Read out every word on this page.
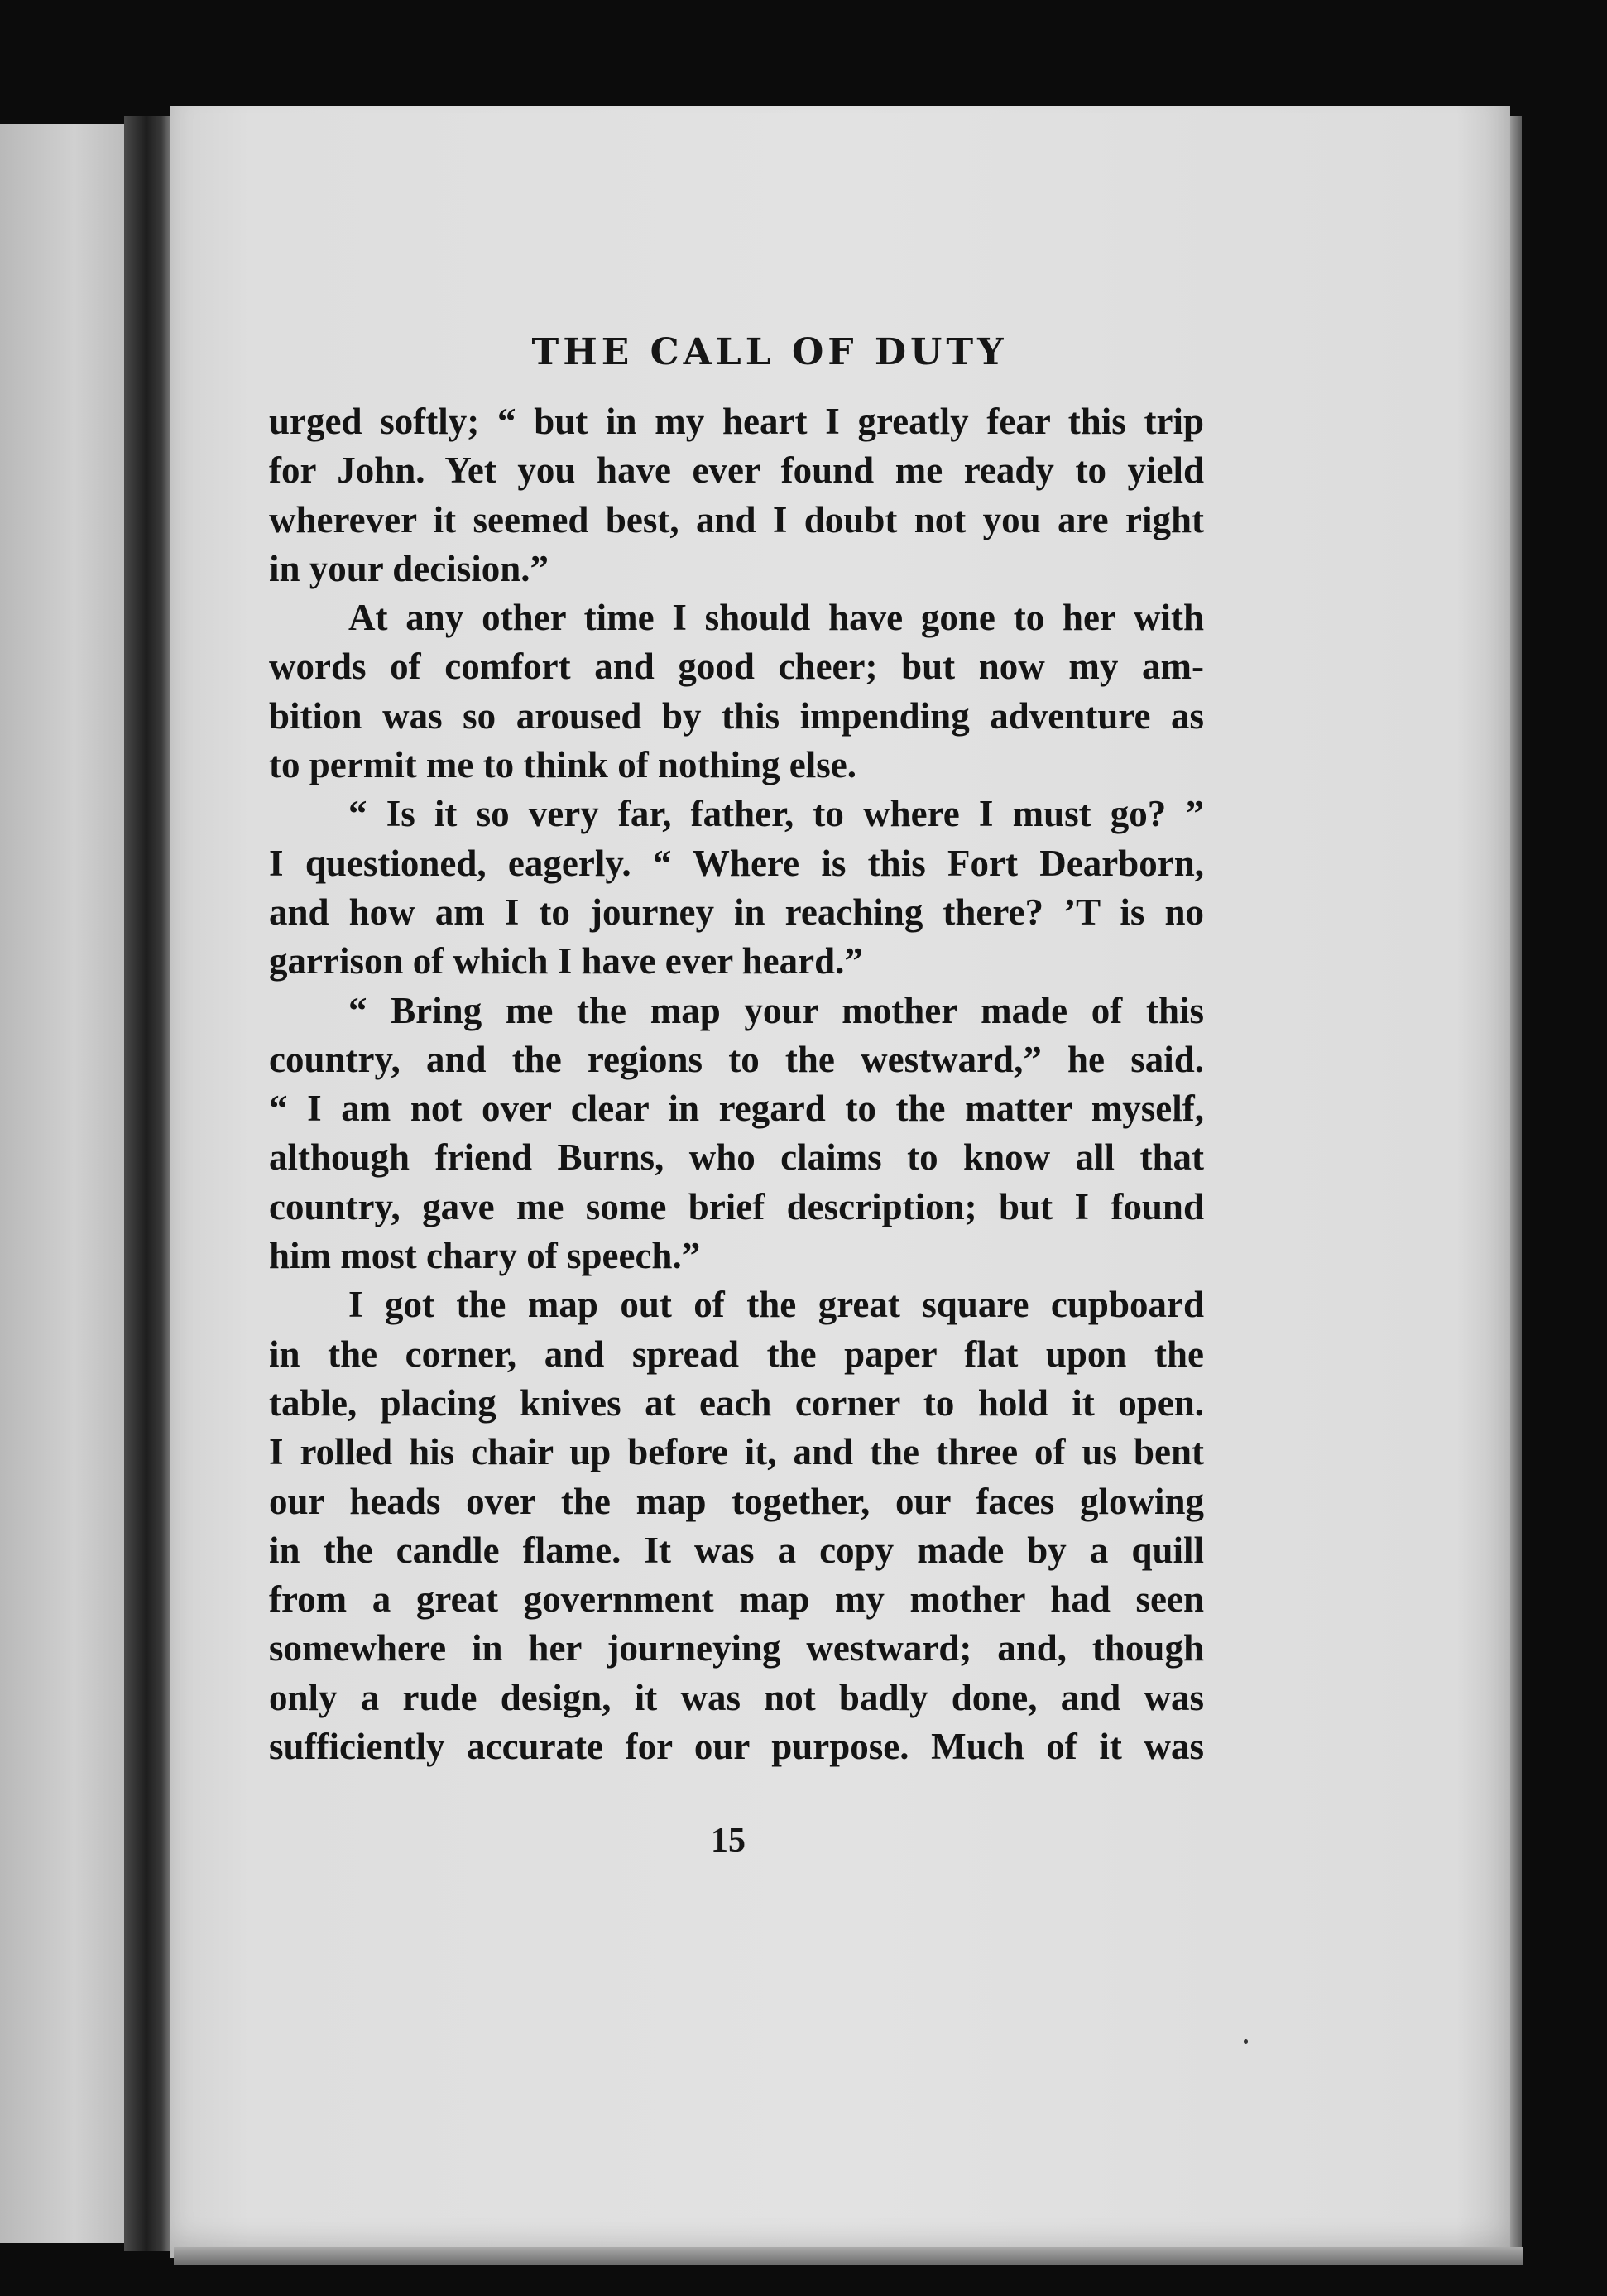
THE CALL OF DUTY
urged softly; “ but in my heart I greatly fear this trip
for John. Yet you have ever found me ready to yield
wherever it seemed best, and I doubt not you are right
in your decision.”
At any other time I should have gone to her with
words of comfort and good cheer; but now my am-
bition was so aroused by this impending adventure as
to permit me to think of nothing else.
“ Is it so very far, father, to where I must go? ”
I questioned, eagerly. “ Where is this Fort Dearborn,
and how am I to journey in reaching there? ’T is no
garrison of which I have ever heard.”
“ Bring me the map your mother made of this
country, and the regions to the westward,” he said.
“ I am not over clear in regard to the matter myself,
although friend Burns, who claims to know all that
country, gave me some brief description; but I found
him most chary of speech.”
I got the map out of the great square cupboard
in the corner, and spread the paper flat upon the
table, placing knives at each corner to hold it open.
I rolled his chair up before it, and the three of us bent
our heads over the map together, our faces glowing
in the candle flame. It was a copy made by a quill
from a great government map my mother had seen
somewhere in her journeying westward; and, though
only a rude design, it was not badly done, and was
sufficiently accurate for our purpose. Much of it was
15
